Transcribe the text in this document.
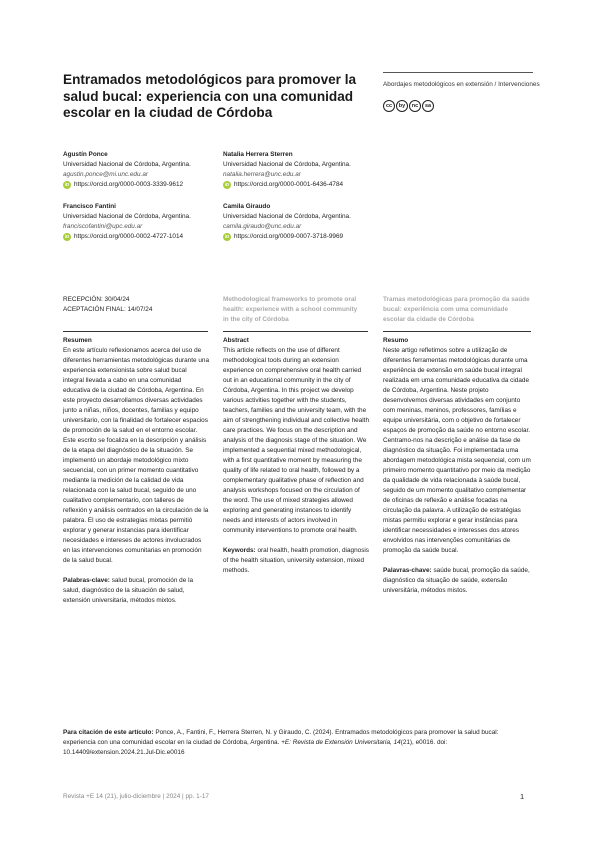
Entramados metodológicos para promover la salud bucal: experiencia con una comunidad escolar en la ciudad de Córdoba
Abordajes metodológicos en extensión / Intervenciones
cc	by	nc	sa
Agustín Ponce
Universidad Nacional de Córdoba, Argentina.
agustin.ponce@mi.unc.edu.ar
iD https://orcid.org/0000-0003-3339-9612
Natalia Herrera Sterren
Universidad Nacional de Córdoba, Argentina.
natalia.herrera@unc.edu.ar
iD https://orcid.org/0000-0001-6436-4784
Francisco Fantini
Universidad Nacional de Córdoba, Argentina.
franciscofantini@upc.edu.ar
iD https://orcid.org/0000-0002-4727-1014
Camila Giraudo
Universidad Nacional de Córdoba, Argentina.
camila.giraudo@unc.edu.ar
iD https://orcid.org/0009-0007-3718-9969
RECEPCIÓN: 30/04/24
ACEPTACIÓN FINAL: 14/07/24
Methodological frameworks to promote oral health: experience with a school community in the city of Córdoba
Tramas metodológicas para promoção da saúde bucal: experiência com uma comunidade escolar da cidade de Córdoba
Resumen

En este artículo reflexionamos acerca del uso de diferentes herramientas metodológicas durante una experiencia extensionista sobre salud bucal integral llevada a cabo en una comunidad educativa de la ciudad de Córdoba, Argentina. En este proyecto desarrollamos diversas actividades junto a niñas, niños, docentes, familias y equipo universitario, con la finalidad de fortalecer espacios de promoción de la salud en el entorno escolar. Este escrito se focaliza en la descripción y análisis de la etapa del diagnóstico de la situación. Se implementó un abordaje metodológico mixto secuencial, con un primer momento cuantitativo mediante la medición de la calidad de vida relacionada con la salud bucal, seguido de uno cualitativo complementario, con talleres de reflexión y análisis centrados en la circulación de la palabra. El uso de estrategias mixtas permitió explorar y generar instancias para identificar necesidades e intereses de actores involucrados en las intervenciones comunitarias en promoción de la salud bucal.

Palabras-clave: salud bucal, promoción de la salud, diagnóstico de la situación de salud, extensión universitaria, métodos mixtos.

Abstract

This article reflects on the use of different methodological tools during an extension experience on comprehensive oral health carried out in an educational community in the city of Córdoba, Argentina. In this project we develop various activities together with the students, teachers, families and the university team, with the aim of strengthening individual and collective health care practices. We focus on the description and analysis of the diagnosis stage of the situation. We implemented a sequential mixed methodological, with a first quantitative moment by measuring the quality of life related to oral health, followed by a complementary qualitative phase of reflection and analysis workshops focused on the circulation of the word. The use of mixed strategies allowed exploring and generating instances to identify needs and interests of actors involved in community interventions to promote oral health.

Keywords: oral health, health promotion, diagnosis of the health situation, university extension, mixed methods.

Resumo

Neste artigo refletimos sobre a utilização de diferentes ferramentas metodológicas durante uma experiência de extensão em saúde bucal integral realizada em uma comunidade educativa da cidade de Córdoba, Argentina. Neste projeto desenvolvemos diversas atividades em conjunto com meninas, meninos, professores, famílias e equipe universitária, com o objetivo de fortalecer espaços de promoção da saúde no entorno escolar. Centramo-nos na descrição e análise da fase de diagnóstico da situação. Foi implementada uma abordagem metodológica mista sequencial, com um primeiro momento quantitativo por meio da medição da qualidade de vida relacionada à saúde bucal, seguido de um momento qualitativo complementar de oficinas de reflexão e análise focadas na circulação da palavra. A utilização de estratégias mistas permitiu explorar e gerar instâncias para identificar necessidades e interesses dos atores envolvidos nas intervenções comunitárias de promoção da saúde bucal.

Palavras-chave: saúde bucal, promoção da saúde, diagnóstico da situação de saúde, extensão universitária, métodos mistos.

Para citación de este artículo: Ponce, A., Fantini, F., Herrera Sterren, N. y Giraudo, C. (2024). Entramados metodológicos para promover la salud bucal: experiencia con una comunidad escolar en la ciudad de Córdoba, Argentina. +E: Revista de Extensión Universitaria, 14(21), e0016. doi: 10.14409/extension.2024.21.Jul-Dic.e0016
Revista +E 14 (21), julio-diciembre | 2024 | pp. 1-17	1
